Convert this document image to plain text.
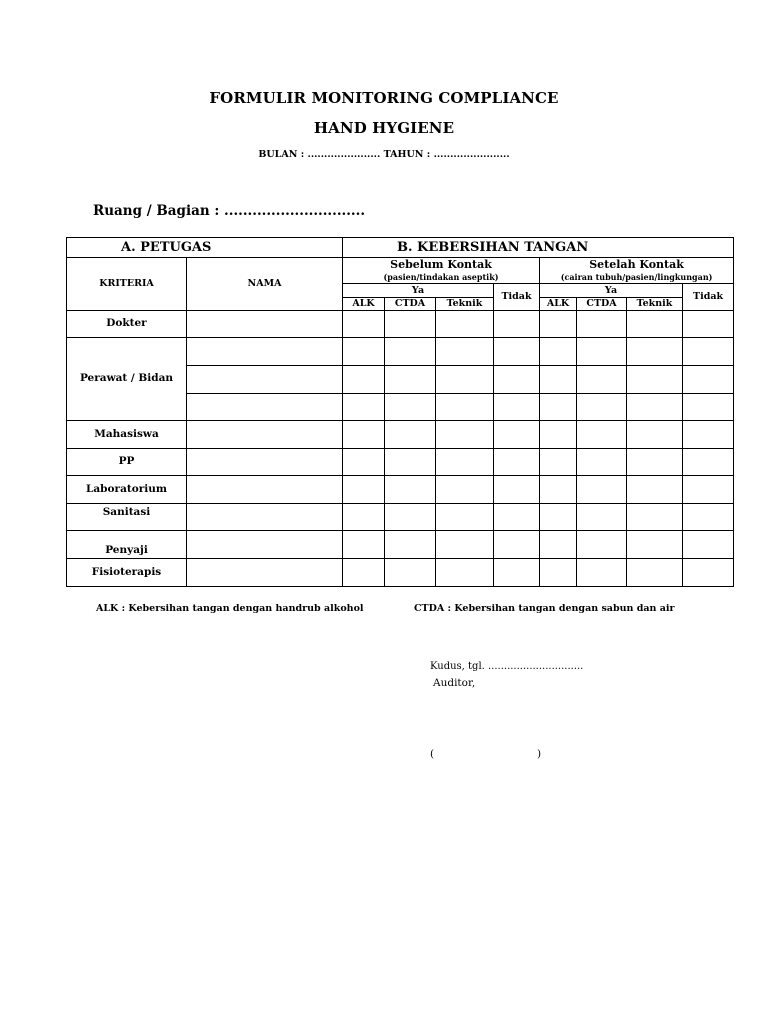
FORMULIR MONITORING COMPLIANCE
HAND HYGIENE
BULAN : ...................... TAHUN : .......................
Ruang / Bagian : ..............................
A. PETUGAS		B. KEBERSIHAN TANGAN							
KRITERIA	NAMA	Sebelum Kontak				Setelah Kontak			
		(pasien/tindakan aseptik)				(cairan tubuh/pasien/lingkungan)			
		Ya			Tidak	Ya			Tidak
		ALK	CTDA	Teknik		ALK	CTDA	Teknik	
Dokter									
Perawat / Bidan									

Mahasiswa									
PP									
Laboratorium									
Sanitasi									
Penyaji									
Fisioterapis									
ALK : Kebersihan tangan dengan handrub alkohol	CTDA : Kebersihan tangan dengan sabun dan air
Kudus, tgl. ..............................
Auditor,
(	)
